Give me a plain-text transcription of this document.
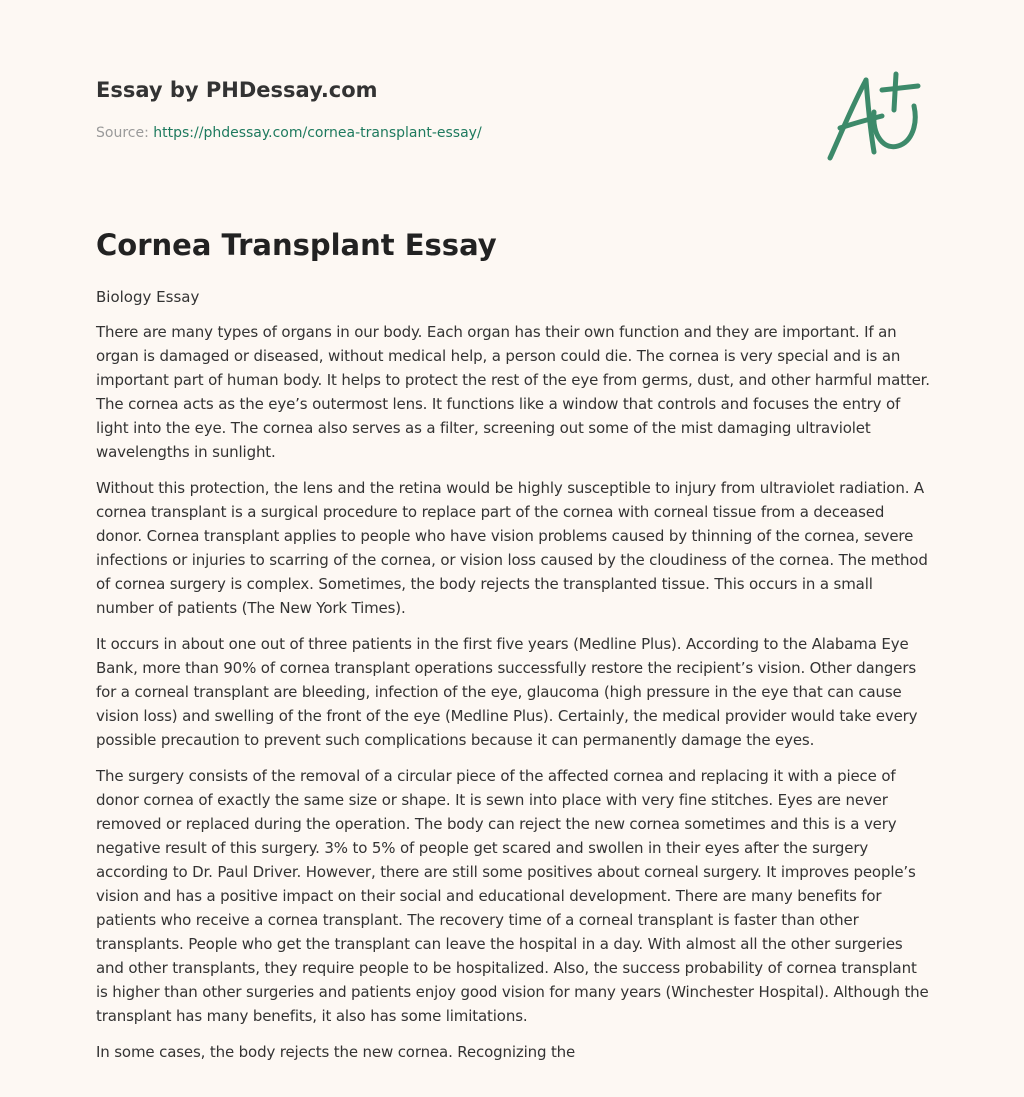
Essay by PHDessay.com
Source: https://phdessay.com/cornea-transplant-essay/
Cornea Transplant Essay
Biology Essay

There are many types of organs in our body. Each organ has their own function and they are important. If an organ is damaged or diseased, without medical help, a person could die. The cornea is very special and is an important part of human body. It helps to protect the rest of the eye from germs, dust, and other harmful matter. The cornea acts as the eye’s outermost lens. It functions like a window that controls and focuses the entry of light into the eye. The cornea also serves as a filter, screening out some of the mist damaging ultraviolet wavelengths in sunlight.

Without this protection, the lens and the retina would be highly susceptible to injury from ultraviolet radiation. A cornea transplant is a surgical procedure to replace part of the cornea with corneal tissue from a deceased donor. Cornea transplant applies to people who have vision problems caused by thinning of the cornea, severe infections or injuries to scarring of the cornea, or vision loss caused by the cloudiness of the cornea. The method of cornea surgery is complex. Sometimes, the body rejects the transplanted tissue. This occurs in a small number of patients (The New York Times).

It occurs in about one out of three patients in the first five years (Medline Plus). According to the Alabama Eye Bank, more than 90% of cornea transplant operations successfully restore the recipient’s vision. Other dangers for a corneal transplant are bleeding, infection of the eye, glaucoma (high pressure in the eye that can cause vision loss) and swelling of the front of the eye (Medline Plus). Certainly, the medical provider would take every possible precaution to prevent such complications because it can permanently damage the eyes.

The surgery consists of the removal of a circular piece of the affected cornea and replacing it with a piece of donor cornea of exactly the same size or shape. It is sewn into place with very fine stitches. Eyes are never removed or replaced during the operation. The body can reject the new cornea sometimes and this is a very negative result of this surgery. 3% to 5% of people get scared and swollen in their eyes after the surgery according to Dr. Paul Driver. However, there are still some positives about corneal surgery. It improves people’s vision and has a positive impact on their social and educational development. There are many benefits for patients who receive a cornea transplant. The recovery time of a corneal transplant is faster than other transplants. People who get the transplant can leave the hospital in a day. With almost all the other surgeries and other transplants, they require people to be hospitalized. Also, the success probability of cornea transplant is higher than other surgeries and patients enjoy good vision for many years (Winchester Hospital). Although the transplant has many benefits, it also has some limitations.

In some cases, the body rejects the new cornea. Recognizing the
